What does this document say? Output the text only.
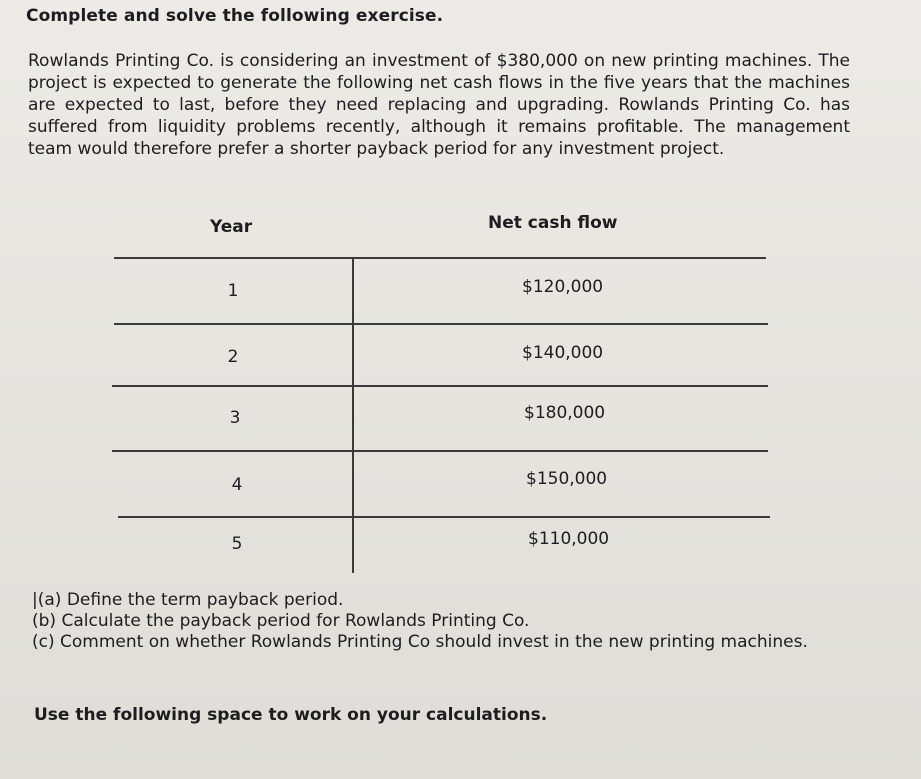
Complete and solve the following exercise.
Rowlands Printing Co. is considering an investment of $380,000 on new printing machines. The project is expected to generate the following net cash flows in the five years that the machines are expected to last, before they need replacing and upgrading. Rowlands Printing Co. has suffered from liquidity problems recently, although it remains profitable. The management team would therefore prefer a shorter payback period for any investment project.
Year	Net cash flow
1	$120,000
2	$140,000
3	$180,000
4	$150,000
5	$110,000
|(a) Define the term payback period.
(b) Calculate the payback period for Rowlands Printing Co.
(c) Comment on whether Rowlands Printing Co should invest in the new printing machines.
Use the following space to work on your calculations.
